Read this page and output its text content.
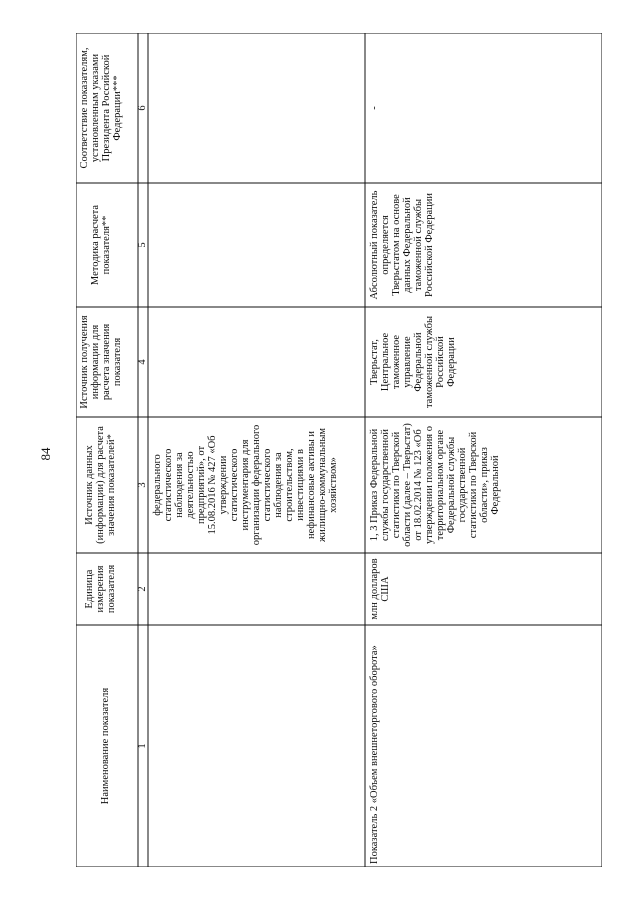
84
Наименование показателя
Единица измерения показателя
Источник данных (информации) для расчета значения показателей*
Источник получения информации для расчета значения показателя
Методика расчета показателя**
Соответствие показателям, установленным указами Президента Российской Федерации***
1
2
3
4
5
6
федерального статистического наблюдения за деятельностью предприятий», от 15.08.2016 № 427 «Об утверждении статистического инструментария для организации федерального статистического наблюдения за строительством, инвестициями в нефинансовые активы и жилищно-коммунальным хозяйством»
Показатель 2 «Объем внешнеторгового оборота»
млн долларов США
1, 3 Приказ Федеральной службы государственной статистики по Тверской области (далее – Тверьстат) от 18.02.2014 № 123 «Об утверждении положения о территориальном органе Федеральной службы государственной статистики по Тверской области», приказ Федеральной
Тверьстат, Центральное таможенное управление Федеральной таможенной службы Российской Федерации
Абсолютный показатель определяется Тверьстатом на основе данных Федеральной таможенной службы Российской Федерации
-
